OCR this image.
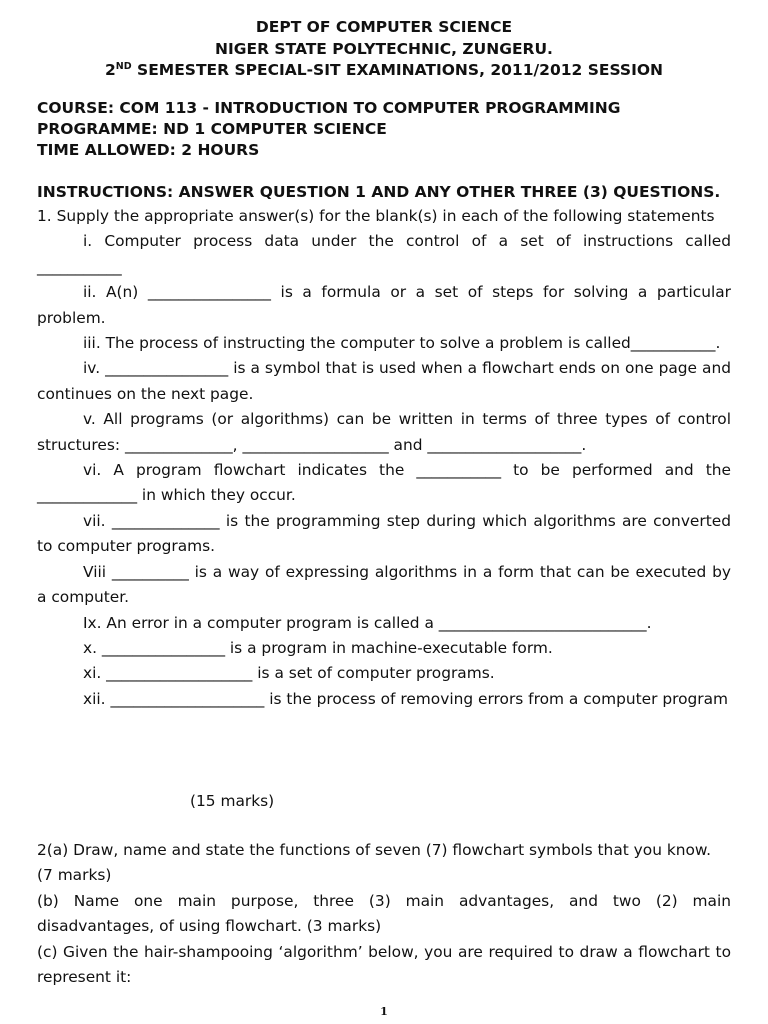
DEPT OF COMPUTER SCIENCE
NIGER STATE POLYTECHNIC, ZUNGERU.
2ND SEMESTER SPECIAL-SIT EXAMINATIONS, 2011/2012 SESSION
COURSE: COM 113 - INTRODUCTION TO COMPUTER PROGRAMMING
PROGRAMME: ND 1 COMPUTER SCIENCE
TIME ALLOWED: 2 HOURS
INSTRUCTIONS: ANSWER QUESTION 1 AND ANY OTHER THREE (3) QUESTIONS.

1. Supply the appropriate answer(s) for the blank(s) in each of the following statements

i. Computer process data under the control of a set of instructions called ___________

ii. A(n) ________________ is a formula or a set of steps for solving a particular problem.

iii. The process of instructing the computer to solve a problem is called___________.

iv. ________________ is a symbol that is used when a flowchart ends on one page and continues on the next page.

v. All programs (or algorithms) can be written in terms of three types of control structures: ______________, ___________________ and ____________________.

vi. A program flowchart indicates the ___________ to be performed and the _____________ in which they occur.

vii. ______________ is the programming step during which algorithms are converted to computer programs.

Viii __________ is a way of expressing algorithms in a form that can be executed by a computer.

Ix. An error in a computer program is called a ___________________________.

x. ________________ is a program in machine-executable form.

xi. ___________________ is a set of computer programs.

xii. ____________________ is the process of removing errors from a computer program

(15 marks)

2(a) Draw, name and state the functions of seven (7) flowchart symbols that you know.

(7 marks)

(b) Name one main purpose, three (3) main advantages, and two (2) main disadvantages, of using flowchart. (3 marks)

(c) Given the hair-shampooing ‘algorithm’ below, you are required to draw a flowchart to represent it:

1
